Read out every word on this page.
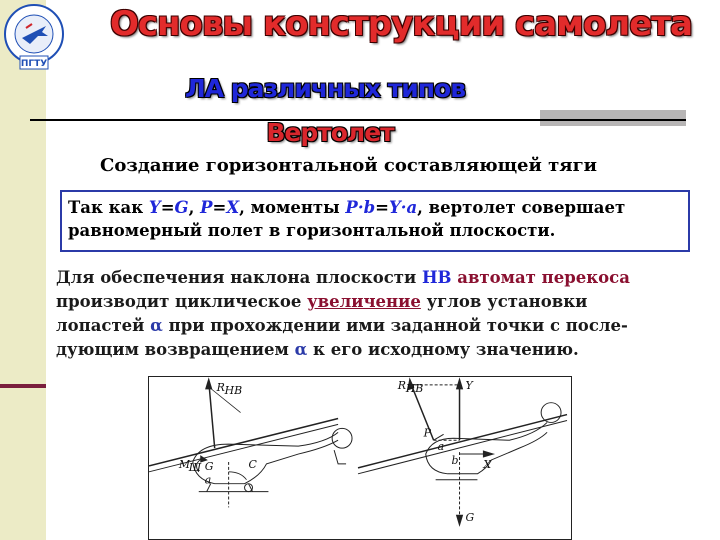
ПГТУ
Основы конструкции самолета
ЛА различных типов
Вертолет
Создание горизонтальной составляющей тяги
Так как Y=G, P=X, моменты P·b=Y·a, вертолет совершает
равномерный полет в горизонтальной плоскости.
Для обеспечения наклона плоскости НВ автомат перекоса
производит циклическое увеличение углов установки
лопастей α при прохождении ими заданной точки с после-
дующим возвращением α к его исходному значению.
R НВ
M
Ш G	C
a
R НВ	Y
P
X
G
a
b
